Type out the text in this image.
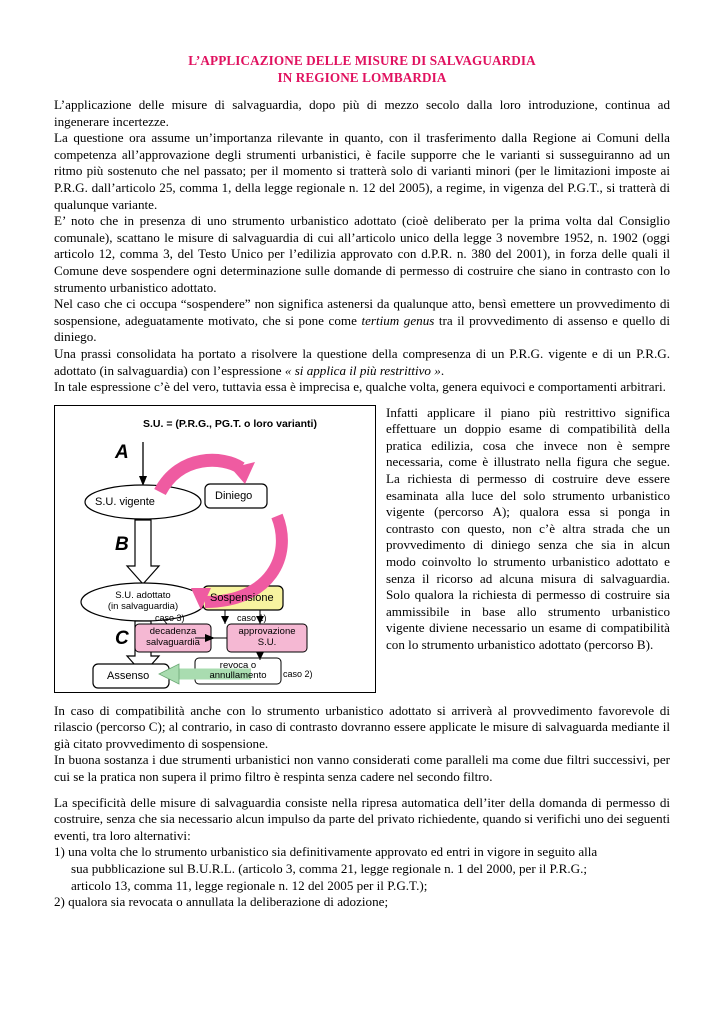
L’APPLICAZIONE DELLE MISURE DI SALVAGUARDIA
IN REGIONE LOMBARDIA

L’applicazione delle misure di salvaguardia, dopo più di mezzo secolo dalla loro introduzione, continua ad ingenerare incertezze.

La questione ora assume un’importanza rilevante in quanto, con il trasferimento dalla Regione ai Comuni della competenza all’approvazione degli strumenti urbanistici, è facile supporre che le varianti si susseguiranno ad un ritmo più sostenuto che nel passato; per il momento si tratterà solo di varianti minori (per le limitazioni imposte ai P.R.G. dall’articolo 25, comma 1, della legge regionale n. 12 del 2005), a regime, in vigenza del P.G.T., si tratterà di qualunque variante.

E’ noto che in presenza di uno strumento urbanistico adottato (cioè deliberato per la prima volta dal Consiglio comunale), scattano le misure di salvaguardia di cui all’articolo unico della legge 3 novembre 1952, n. 1902 (oggi articolo 12, comma 3, del Testo Unico per l’edilizia approvato con d.P.R. n. 380 del 2001), in forza delle quali il Comune deve sospendere ogni determinazione sulle domande di permesso di costruire che siano in contrasto con lo strumento urbanistico adottato.

Nel caso che ci occupa “sospendere” non significa astenersi da qualunque atto, bensì emettere un provvedimento di sospensione, adeguatamente motivato, che si pone come tertium genus tra il provvedimento di assenso e quello di diniego.

Una prassi consolidata ha portato a risolvere la questione della compresenza di un P.R.G. vigente e di un P.R.G. adottato (in salvaguardia) con l’espressione « si applica il più restrittivo ».

In tale espressione c’è del vero, tuttavia essa è imprecisa e, qualche volta, genera equivoci e comportamenti arbitrari.

S.U. = (P.R.G., PG.T. o loro varianti)
A
B
C
S.U. vigente	Diniego
S.U. adottato
(in salvaguardia)
Sospensione
decadenza
salvaguardia
approvazione
S.U.
revoca o
annullamento
Assenso
caso 1)
caso 2)
caso 3)

Infatti applicare il piano più restrittivo significa effettuare un doppio esame di compatibilità della pratica edilizia, cosa che invece non è sempre necessaria, come è illustrato nella figura che segue. La richiesta di permesso di costruire deve essere esaminata alla luce del solo strumento urbanistico vigente (percorso A); qualora essa si ponga in contrasto con questo, non c’è altra strada che un provvedimento di diniego senza che sia in alcun modo coinvolto lo strumento urbanistico adottato e senza il ricorso ad alcuna misura di salvaguardia. Solo qualora la richiesta di permesso di costruire sia ammissibile in base allo strumento urbanistico vigente diviene necessario un esame di compatibilità con lo strumento urbanistico adottato (percorso B).

In caso di compatibilità anche con lo strumento urbanistico adottato si arriverà al provvedimento favorevole di rilascio (percorso C); al contrario, in caso di contrasto dovranno essere applicate le misure di salvaguarda mediante il già citato provvedimento di sospensione.

In buona sostanza i due strumenti urbanistici non vanno considerati come paralleli ma come due filtri successivi, per cui se la pratica non supera il primo filtro è respinta senza cadere nel secondo filtro.

La specificità delle misure di salvaguardia consiste nella ripresa automatica dell’iter della domanda di permesso di costruire, senza che sia necessario alcun impulso da parte del privato richiedente, quando si verifichi uno dei seguenti eventi, tra loro alternativi:

1) una volta che lo strumento urbanistico sia definitivamente approvato ed entri in vigore in seguito alla

sua pubblicazione sul B.U.R.L. (articolo 3, comma 21, legge regionale n. 1 del 2000, per il P.R.G.;

articolo 13, comma 11, legge regionale n. 12 del 2005 per il P.G.T.);

2) qualora sia revocata o annullata la deliberazione di adozione;
